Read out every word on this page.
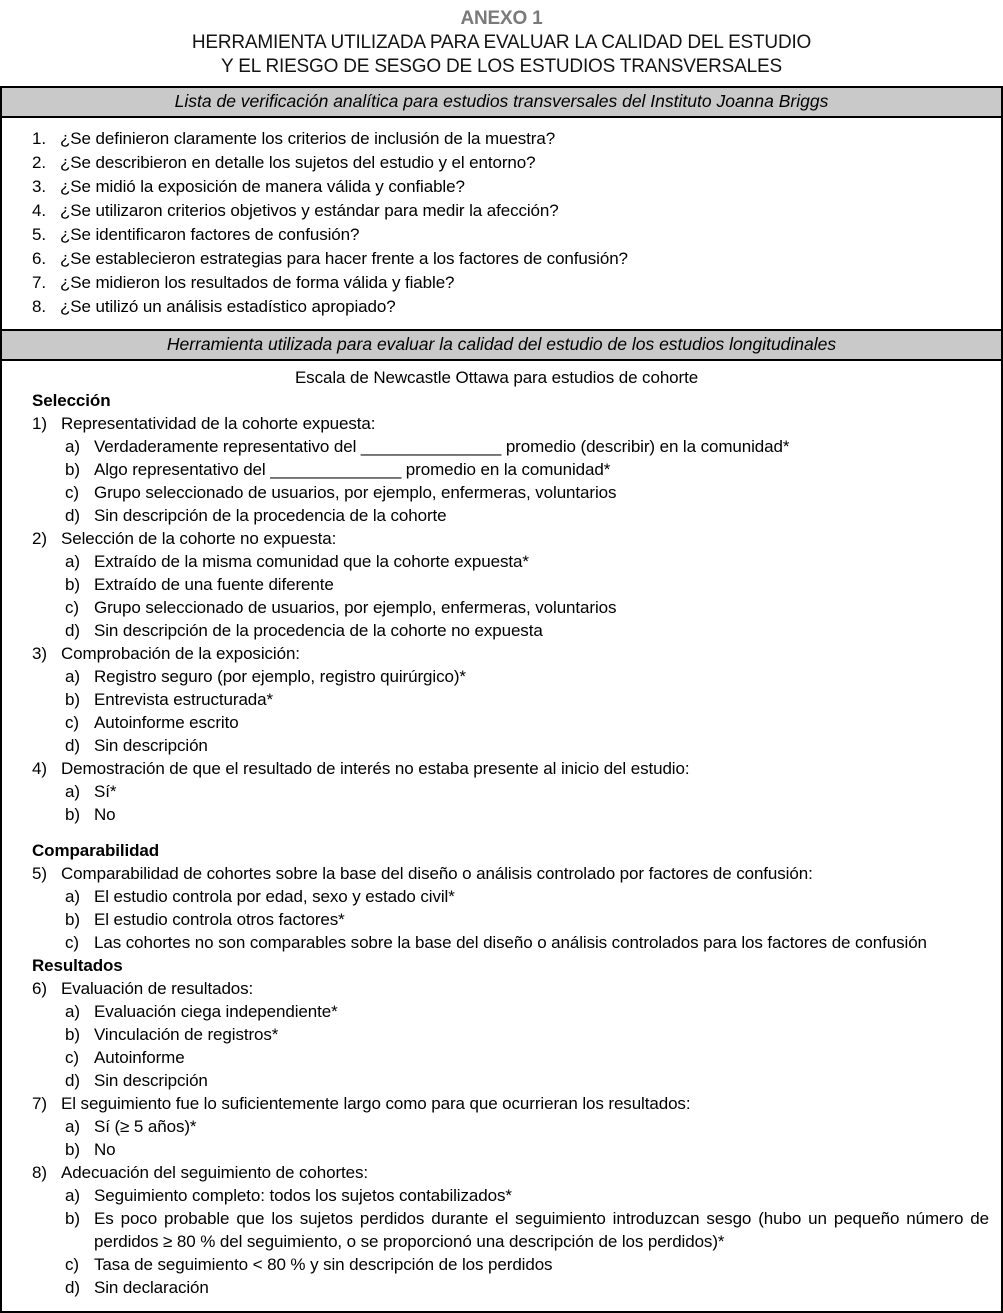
ANEXO 1
HERRAMIENTA UTILIZADA PARA EVALUAR LA CALIDAD DEL ESTUDIO
Y EL RIESGO DE SESGO DE LOS ESTUDIOS TRANSVERSALES
Lista de verificación analítica para estudios transversales del Instituto Joanna Briggs
1. ¿Se definieron claramente los criterios de inclusión de la muestra?
2. ¿Se describieron en detalle los sujetos del estudio y el entorno?
3. ¿Se midió la exposición de manera válida y confiable?
4. ¿Se utilizaron criterios objetivos y estándar para medir la afección?
5. ¿Se identificaron factores de confusión?
6. ¿Se establecieron estrategias para hacer frente a los factores de confusión?
7. ¿Se midieron los resultados de forma válida y fiable?
8. ¿Se utilizó un análisis estadístico apropiado?
Herramienta utilizada para evaluar la calidad del estudio de los estudios longitudinales
Escala de Newcastle Ottawa para estudios de cohorte
Selección
1) Representatividad de la cohorte expuesta:
a) Verdaderamente representativo del _______________ promedio (describir) en la comunidad*
b) Algo representativo del ______________ promedio en la comunidad*
c) Grupo seleccionado de usuarios, por ejemplo, enfermeras, voluntarios
d) Sin descripción de la procedencia de la cohorte
2) Selección de la cohorte no expuesta:
a) Extraído de la misma comunidad que la cohorte expuesta*
b) Extraído de una fuente diferente
c) Grupo seleccionado de usuarios, por ejemplo, enfermeras, voluntarios
d) Sin descripción de la procedencia de la cohorte no expuesta
3) Comprobación de la exposición:
a) Registro seguro (por ejemplo, registro quirúrgico)*
b) Entrevista estructurada*
c) Autoinforme escrito
d) Sin descripción
4) Demostración de que el resultado de interés no estaba presente al inicio del estudio:
a) Sí*
b) No
Comparabilidad
5) Comparabilidad de cohortes sobre la base del diseño o análisis controlado por factores de confusión:
a) El estudio controla por edad, sexo y estado civil*
b) El estudio controla otros factores*
c) Las cohortes no son comparables sobre la base del diseño o análisis controlados para los factores de confusión
Resultados
6) Evaluación de resultados:
a) Evaluación ciega independiente*
b) Vinculación de registros*
c) Autoinforme
d) Sin descripción
7) El seguimiento fue lo suficientemente largo como para que ocurrieran los resultados:
a) Sí (≥ 5 años)*
b) No
8) Adecuación del seguimiento de cohortes:
a) Seguimiento completo: todos los sujetos contabilizados*
b) Es poco probable que los sujetos perdidos durante el seguimiento introduzcan sesgo (hubo un pequeño número de perdidos ≥ 80 % del seguimiento, o se proporcionó una descripción de los perdidos)*
c) Tasa de seguimiento < 80 % y sin descripción de los perdidos
d) Sin declaración
